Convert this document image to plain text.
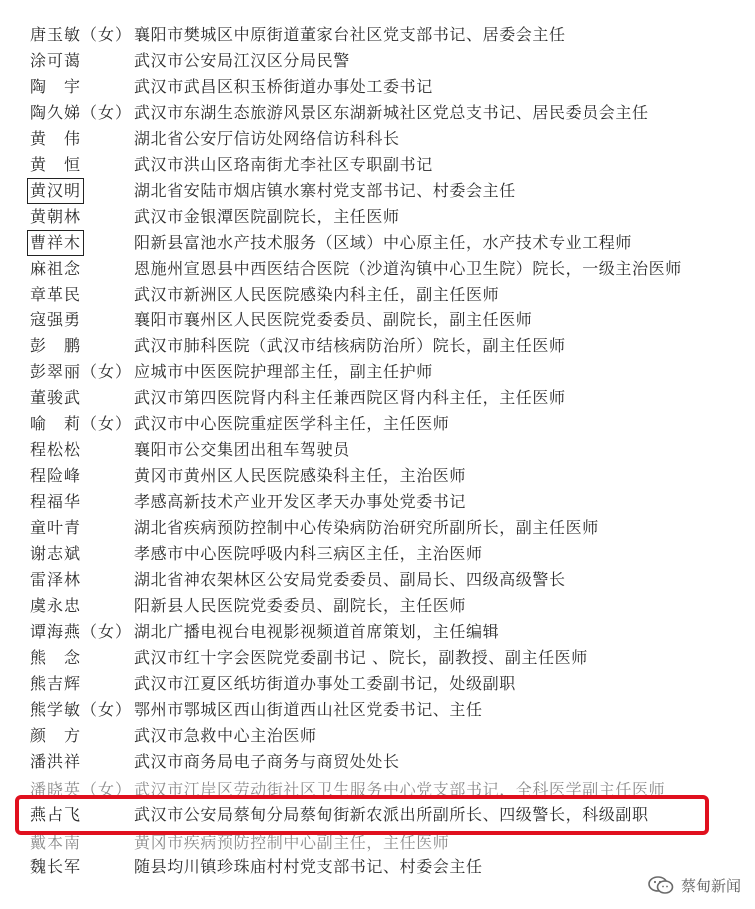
唐玉敏（女） 襄阳市樊城区中原街道董家台社区党支部书记、居委会主任
涂可蔼	武汉市公安局江汉区分局民警
陶　宇	武汉市武昌区积玉桥街道办事处工委书记
陶久娣（女） 武汉市东湖生态旅游风景区东湖新城社区党总支书记、居民委员会主任
黄　伟	湖北省公安厅信访处网络信访科科长
黄　恒	武汉市洪山区珞南街尤李社区专职副书记
黄汉明	湖北省安陆市烟店镇水寨村党支部书记、村委会主任
黄朝林	武汉市金银潭医院副院长，主任医师
曹祥木	阳新县富池水产技术服务（区域）中心原主任，水产技术专业工程师
麻祖念	恩施州宣恩县中西医结合医院（沙道沟镇中心卫生院）院长，一级主治医师
章革民	武汉市新洲区人民医院感染内科主任，副主任医师
寇强勇	襄阳市襄州区人民医院党委委员、副院长，副主任医师
彭　鹏	武汉市肺科医院（武汉市结核病防治所）院长，副主任医师
彭翠丽（女） 应城市中医医院护理部主任，副主任护师
董骏武	武汉市第四医院肾内科主任兼西院区肾内科主任，主任医师
喻　莉（女） 武汉市中心医院重症医学科主任，主任医师
程松松	襄阳市公交集团出租车驾驶员
程险峰	黄冈市黄州区人民医院感染科主任，主治医师
程福华	孝感高新技术产业开发区孝天办事处党委书记
童叶青	湖北省疾病预防控制中心传染病防治研究所副所长，副主任医师
谢志斌	孝感市中心医院呼吸内科三病区主任，主治医师
雷泽林	湖北省神农架林区公安局党委委员、副局长、四级高级警长
虞永忠	阳新县人民医院党委委员、副院长，主任医师
谭海燕（女） 湖北广播电视台电视影视频道首席策划，主任编辑
熊　念	武汉市红十字会医院党委副书记 、院长，副教授、副主任医师
熊吉辉	武汉市江夏区纸坊街道办事处工委副书记，处级副职
熊学敏（女） 鄂州市鄂城区西山街道西山社区党委书记、主任
颜　方	武汉市急救中心主治医师
潘洪祥	武汉市商务局电子商务与商贸处处长
潘晓英（女） 武汉市江岸区劳动街社区卫生服务中心党支部书记，全科医学副主任医师
燕占飞	武汉市公安局蔡甸分局蔡甸街新农派出所副所长、四级警长，科级副职
戴本南	黄冈市疾病预防控制中心副主任，主任医师
魏长军	随县均川镇珍珠庙村村党支部书记、村委会主任
蔡甸新闻
